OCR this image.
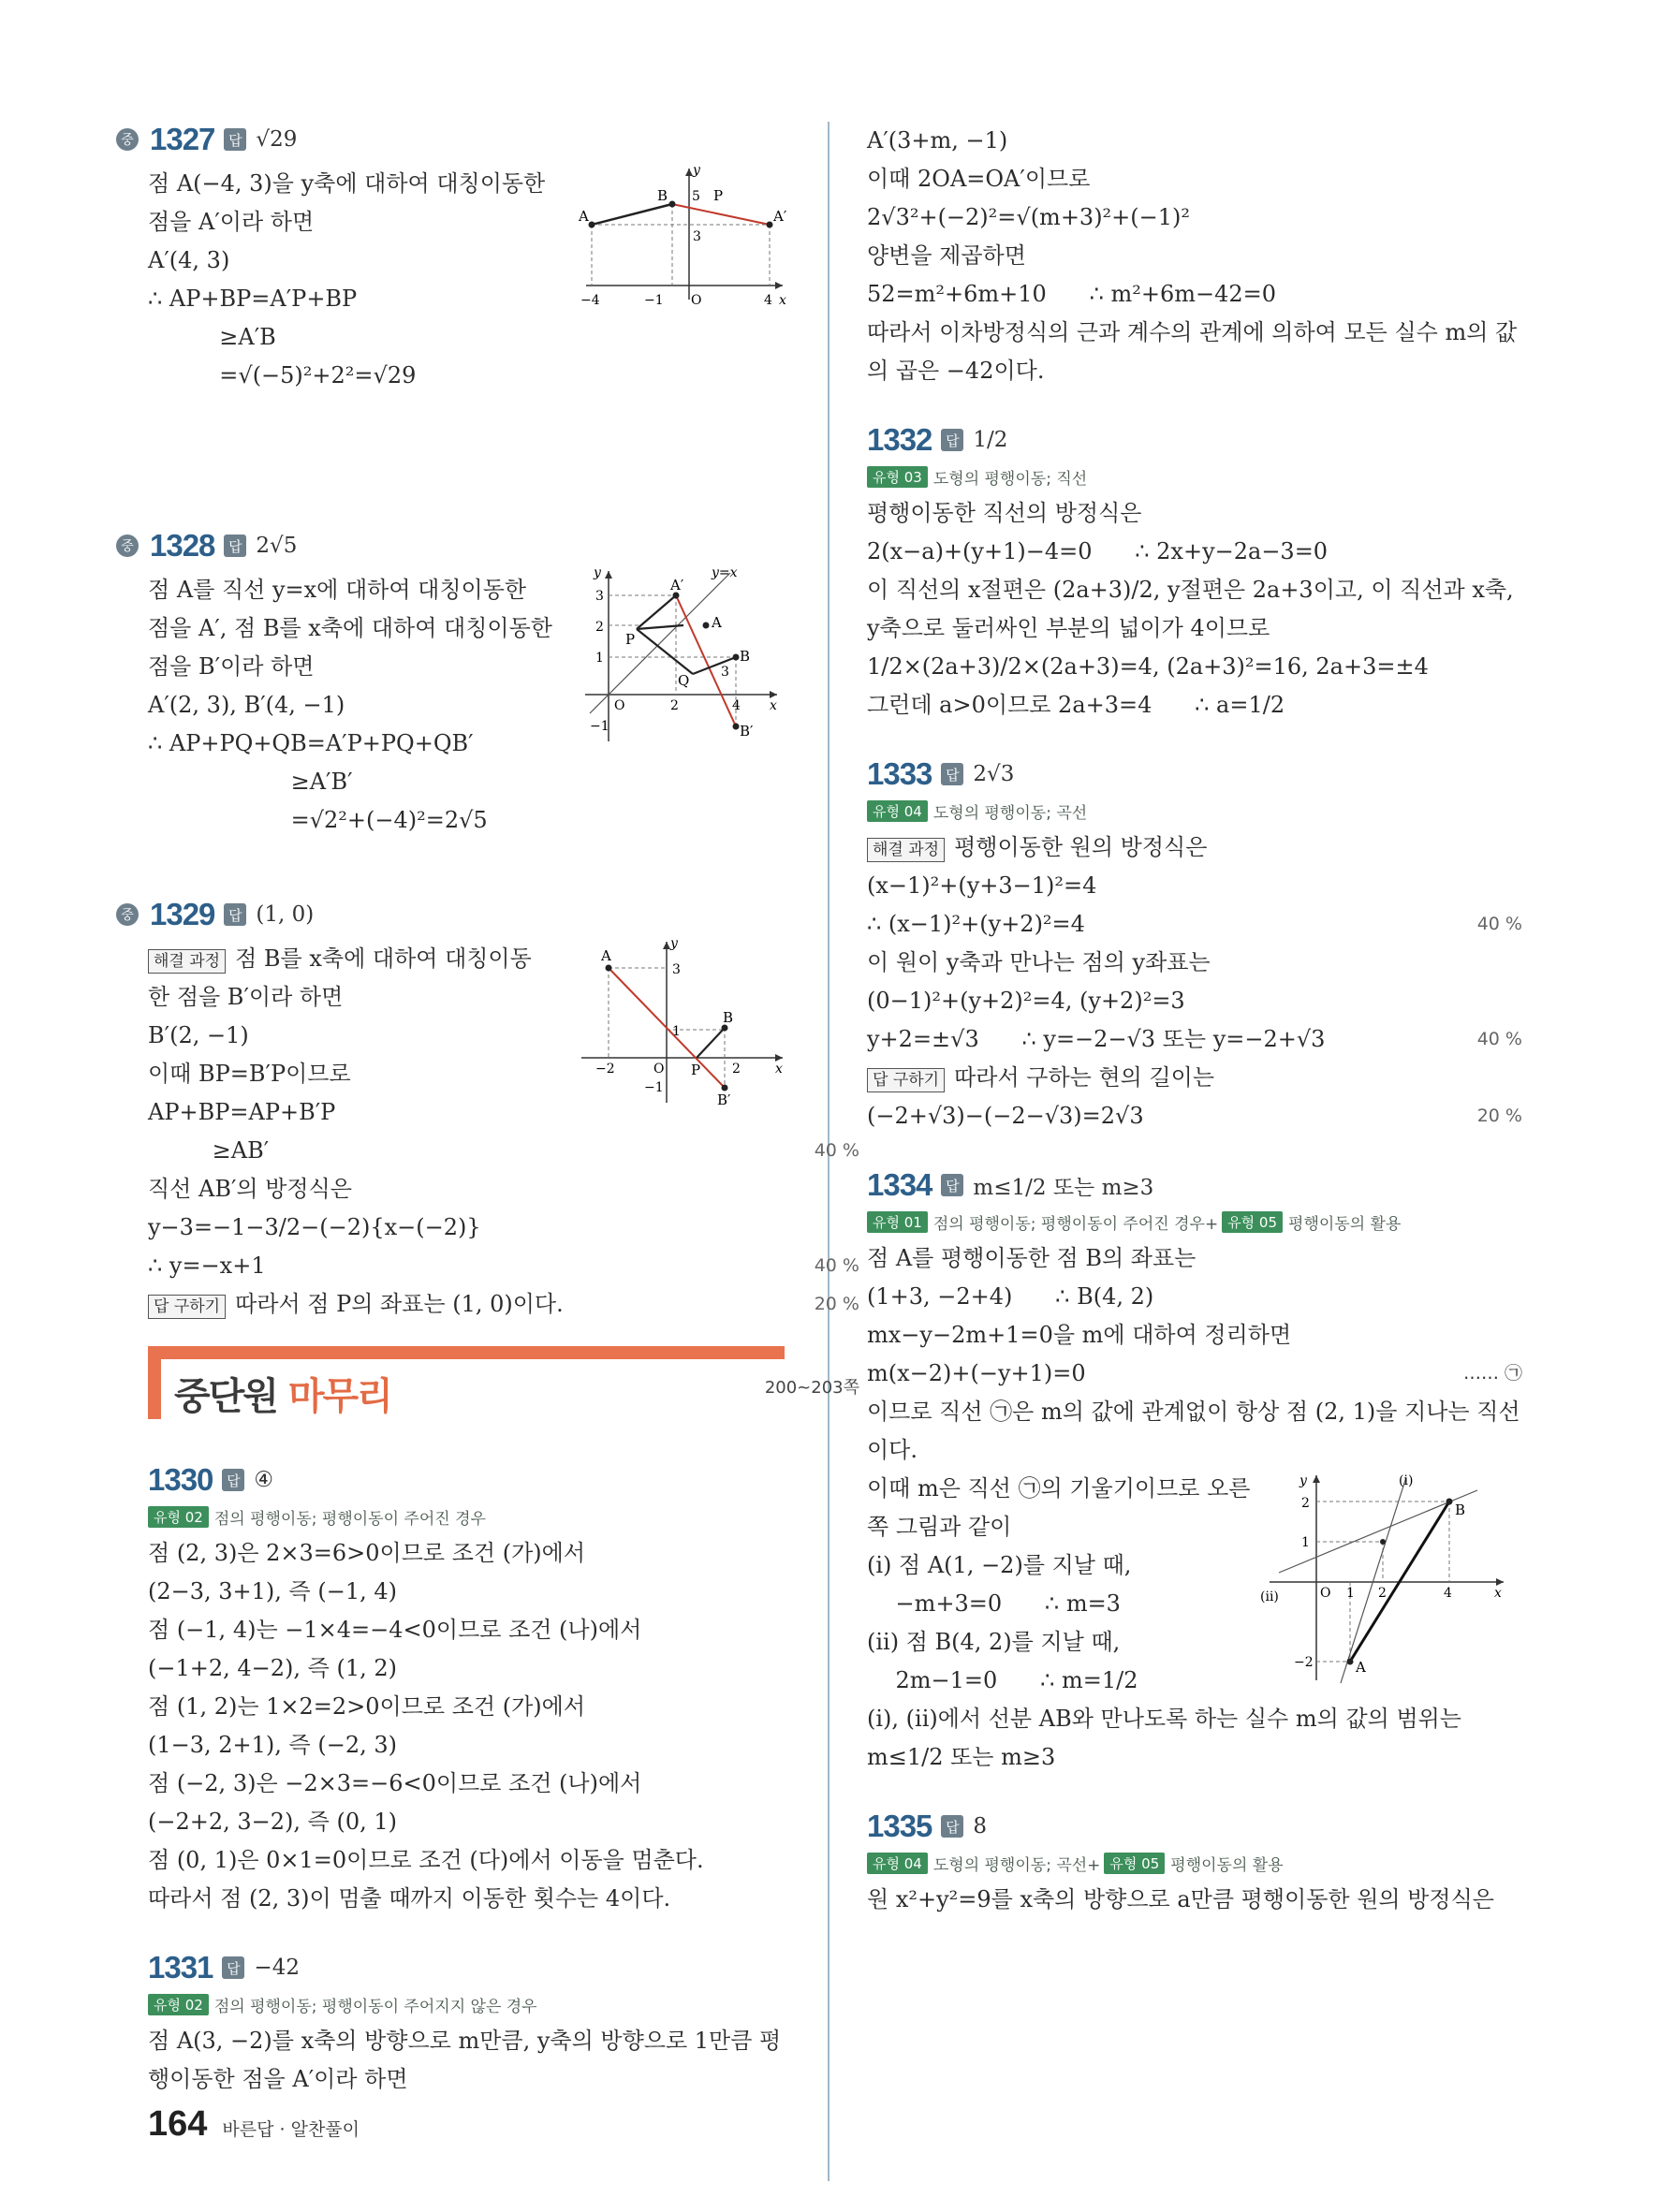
중 1327 답 √29
점 A(−4, 3)을 y축에 대하여 대칭이동한
점을 A′이라 하면
A′(4, 3)
∴ AP+BP=A′P+BP
≥A′B
=√(−5)²+2²=√29
y
B 5 P
A	A′
3
−4	−1 O	4 x
중 1328 답 2√5
점 A를 직선 y=x에 대하여 대칭이동한
점을 A′, 점 B를 x축에 대하여 대칭이동한
점을 B′이라 하면
A′(2, 3), B′(4, −1)
∴ AP+PQ+QB=A′P+PQ+QB′
≥A′B′
=√2²+(−4)²=2√5
y	y=x
3
2
1
O
−1
A′
A
P
Q
B
B′
2
3
4 x
중 1329 답 (1, 0)
해결 과정 점 B를 x축에 대하여 대칭이동
한 점을 B′이라 하면
B′(2, −1)
이때 BP=B′P이므로
AP+BP=AP+B′P
≥AB′	40 %
직선 AB′의 방정식은
y−3=−1−3/2−(−2){x−(−2)}
∴ y=−x+1	40 %
답 구하기 따라서 점 P의 좌표는 (1, 0)이다.	20 %
y
A
3
1
B
−2	O P 2	x
−1
B′
중단원 마무리	200~203쪽
1330 답 ④
유형 02 점의 평행이동; 평행이동이 주어진 경우
점 (2, 3)은 2×3=6>0이므로 조건 (가)에서
(2−3, 3+1), 즉 (−1, 4)
점 (−1, 4)는 −1×4=−4<0이므로 조건 (나)에서
(−1+2, 4−2), 즉 (1, 2)
점 (1, 2)는 1×2=2>0이므로 조건 (가)에서
(1−3, 2+1), 즉 (−2, 3)
점 (−2, 3)은 −2×3=−6<0이므로 조건 (나)에서
(−2+2, 3−2), 즉 (0, 1)
점 (0, 1)은 0×1=0이므로 조건 (다)에서 이동을 멈춘다.
따라서 점 (2, 3)이 멈출 때까지 이동한 횟수는 4이다.
1331 답 −42
유형 02 점의 평행이동; 평행이동이 주어지지 않은 경우
점 A(3, −2)를 x축의 방향으로 m만큼, y축의 방향으로 1만큼 평
행이동한 점을 A′이라 하면
A′(3+m, −1)
이때 2OA=OA′이므로
2√3²+(−2)²=√(m+3)²+(−1)²
양변을 제곱하면
52=m²+6m+10      ∴ m²+6m−42=0
따라서 이차방정식의 근과 계수의 관계에 의하여 모든 실수 m의 값
의 곱은 −42이다.
1332 답 1/2
유형 03 도형의 평행이동; 직선
평행이동한 직선의 방정식은
2(x−a)+(y+1)−4=0      ∴ 2x+y−2a−3=0
이 직선의 x절편은 (2a+3)/2, y절편은 2a+3이고, 이 직선과 x축,
y축으로 둘러싸인 부분의 넓이가 4이므로
1/2×(2a+3)/2×(2a+3)=4, (2a+3)²=16, 2a+3=±4
그런데 a>0이므로 2a+3=4      ∴ a=1/2
1333 답 2√3
유형 04 도형의 평행이동; 곡선
해결 과정 평행이동한 원의 방정식은
(x−1)²+(y+3−1)²=4
∴ (x−1)²+(y+2)²=4	40 %
이 원이 y축과 만나는 점의 y좌표는
(0−1)²+(y+2)²=4, (y+2)²=3
y+2=±√3      ∴ y=−2−√3 또는 y=−2+√3	40 %
답 구하기 따라서 구하는 현의 길이는
(−2+√3)−(−2−√3)=2√3	20 %
1334 답 m≤1/2 또는 m≥3
유형 01 점의 평행이동; 평행이동이 주어진 경우+ 유형 05 평행이동의 활용
점 A를 평행이동한 점 B의 좌표는
(1+3, −2+4)      ∴ B(4, 2)
mx−y−2m+1=0을 m에 대하여 정리하면
m(x−2)+(−y+1)=0	…… ㉠
이므로 직선 ㉠은 m의 값에 관계없이 항상 점 (2, 1)을 지나는 직선
이다.
이때 m은 직선 ㉠의 기울기이므로 오른
쪽 그림과 같이
(i) 점 A(1, −2)를 지날 때,
−m+3=0      ∴ m=3
(ii) 점 B(4, 2)를 지날 때,
2m−1=0      ∴ m=1/2
y	(i)
2	B
1
(ii)	O 1 2	4	x
−2	A
(i), (ii)에서 선분 AB와 만나도록 하는 실수 m의 값의 범위는
m≤1/2 또는 m≥3
1335 답 8
유형 04 도형의 평행이동; 곡선+ 유형 05 평행이동의 활용
원 x²+y²=9를 x축의 방향으로 a만큼 평행이동한 원의 방정식은
164 바른답 · 알찬풀이
